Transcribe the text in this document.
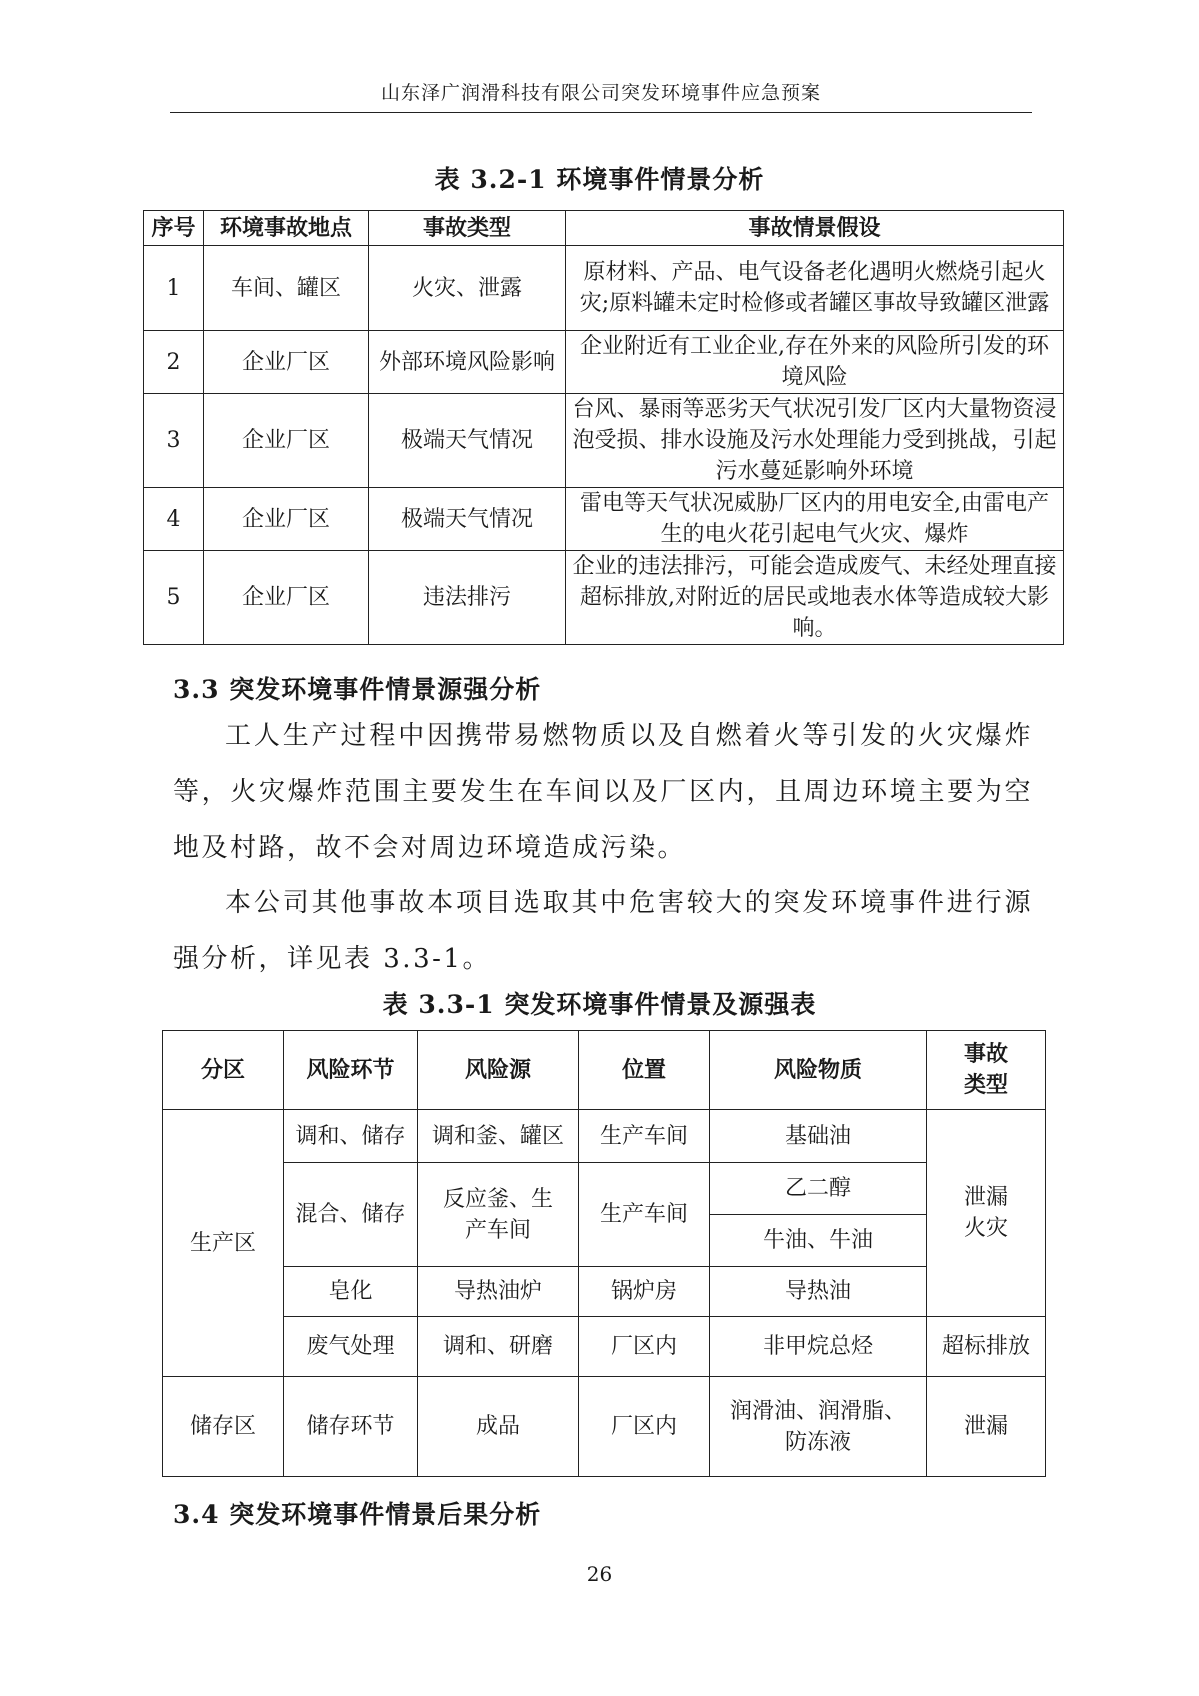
山东泽广润滑科技有限公司突发环境事件应急预案
表 3.2-1 环境事件情景分析
序号	环境事故地点	事故类型	事故情景假设
1	车间、罐区	火灾、泄露	原材料、产品、电气设备老化遇明火燃烧引起火灾;原料罐未定时检修或者罐区事故导致罐区泄露
2	企业厂区	外部环境风险影响	企业附近有工业企业,存在外来的风险所引发的环境风险
3	企业厂区	极端天气情况	台风、暴雨等恶劣天气状况引发厂区内大量物资浸泡受损、排水设施及污水处理能力受到挑战，引起污水蔓延影响外环境
4	企业厂区	极端天气情况	雷电等天气状况威胁厂区内的用电安全,由雷电产生的电火花引起电气火灾、爆炸
5	企业厂区	违法排污	企业的违法排污，可能会造成废气、未经处理直接超标排放,对附近的居民或地表水体等造成较大影响。
3.3 突发环境事件情景源强分析

工人生产过程中因携带易燃物质以及自燃着火等引发的火灾爆炸等，火灾爆炸范围主要发生在车间以及厂区内，且周边环境主要为空地及村路，故不会对周边环境造成污染。

本公司其他事故本项目选取其中危害较大的突发环境事件进行源强分析，详见表 3.3-1。

表 3.3-1 突发环境事件情景及源强表
分区	风险环节	风险源	位置	风险物质	事故类型
生产区	调和、储存	调和釜、罐区	生产车间	基础油	泄漏火灾
	混合、储存	反应釜、生产车间	生产车间	乙二醇	
				牛油、牛油	
	皂化	导热油炉	锅炉房	导热油	
	废气处理	调和、研磨	厂区内	非甲烷总烃	超标排放
储存区	储存环节	成品	厂区内	润滑油、润滑脂、防冻液	泄漏
3.4 突发环境事件情景后果分析
26
